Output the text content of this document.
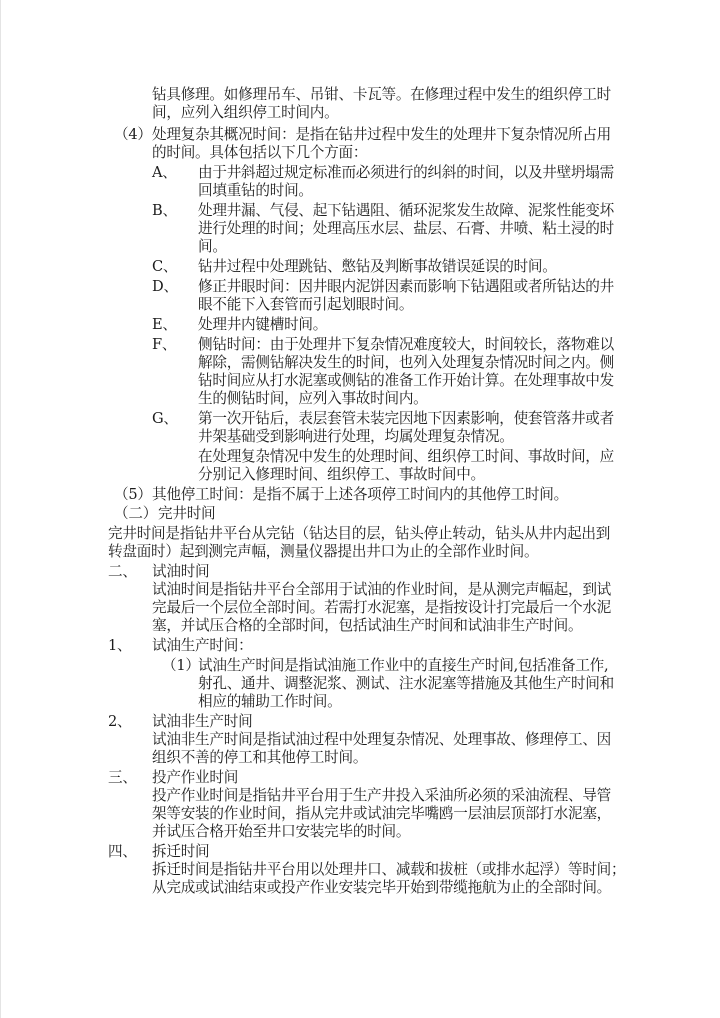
钻具修理。如修理吊车、吊钳、卡瓦等。在修理过程中发生的组织停工时
间，应列入组织停工时间内。
（4） 处理复杂其概况时间：是指在钻井过程中发生的处理井下复杂情况所占用
的时间。具体包括以下几个方面：
A、 由于井斜超过规定标准而必须进行的纠斜的时间，以及井壁坍塌需
回填重钻的时间。
B、 处理井漏、气侵、起下钻遇阻、循环泥浆发生故障、泥浆性能变坏
进行处理的时间；处理高压水层、盐层、石膏、井喷、粘土浸的时
间。
C、 钻井过程中处理跳钻、憋钻及判断事故错误延误的时间。
D、 修正井眼时间：因井眼内泥饼因素而影响下钻遇阻或者所钻达的井
眼不能下入套管而引起划眼时间。
E、 处理井内键槽时间。
F、 侧钻时间：由于处理井下复杂情况难度较大，时间较长，落物难以
解除，需侧钻解决发生的时间，也列入处理复杂情况时间之内。侧
钻时间应从打水泥塞或侧钻的准备工作开始计算。在处理事故中发
生的侧钻时间，应列入事故时间内。
G、 第一次开钻后，表层套管未装完因地下因素影响，使套管落井或者
井架基础受到影响进行处理，均属处理复杂情况。
在处理复杂情况中发生的处理时间、组织停工时间、事故时间，应
分别记入修理时间、组织停工、事故时间中。
（5） 其他停工时间：是指不属于上述各项停工时间内的其他停工时间。
（二） 完井时间
完井时间是指钻井平台从完钻（钻达目的层，钻头停止转动，钻头从井内起出到
转盘面时）起到测完声幅，测量仪器提出井口为止的全部作业时间。
二、 试油时间
试油时间是指钻井平台全部用于试油的作业时间，是从测完声幅起，到试
完最后一个层位全部时间。若需打水泥塞，是指按设计打完最后一个水泥
塞，并试压合格的全部时间，包括试油生产时间和试油非生产时间。
1、 试油生产时间：
（1）
试油生产时间是指试油施工作业中的直接生产时间,包括准备工作,
射孔、通井、调整泥浆、测试、注水泥塞等措施及其他生产时间和
相应的辅助工作时间。
2、 试油非生产时间
试油非生产时间是指试油过程中处理复杂情况、处理事故、修理停工、因
组织不善的停工和其他停工时间。
三、 投产作业时间
投产作业时间是指钻井平台用于生产井投入采油所必须的采油流程、导管
架等安装的作业时间，指从完井或试油完毕嘴鸥一层油层顶部打水泥塞，
并试压合格开始至井口安装完毕的时间。
四、 拆迁时间
拆迁时间是指钻井平台用以处理井口、减载和拔桩（或排水起浮）等时间；
从完成或试油结束或投产作业安装完毕开始到带缆拖航为止的全部时间。
